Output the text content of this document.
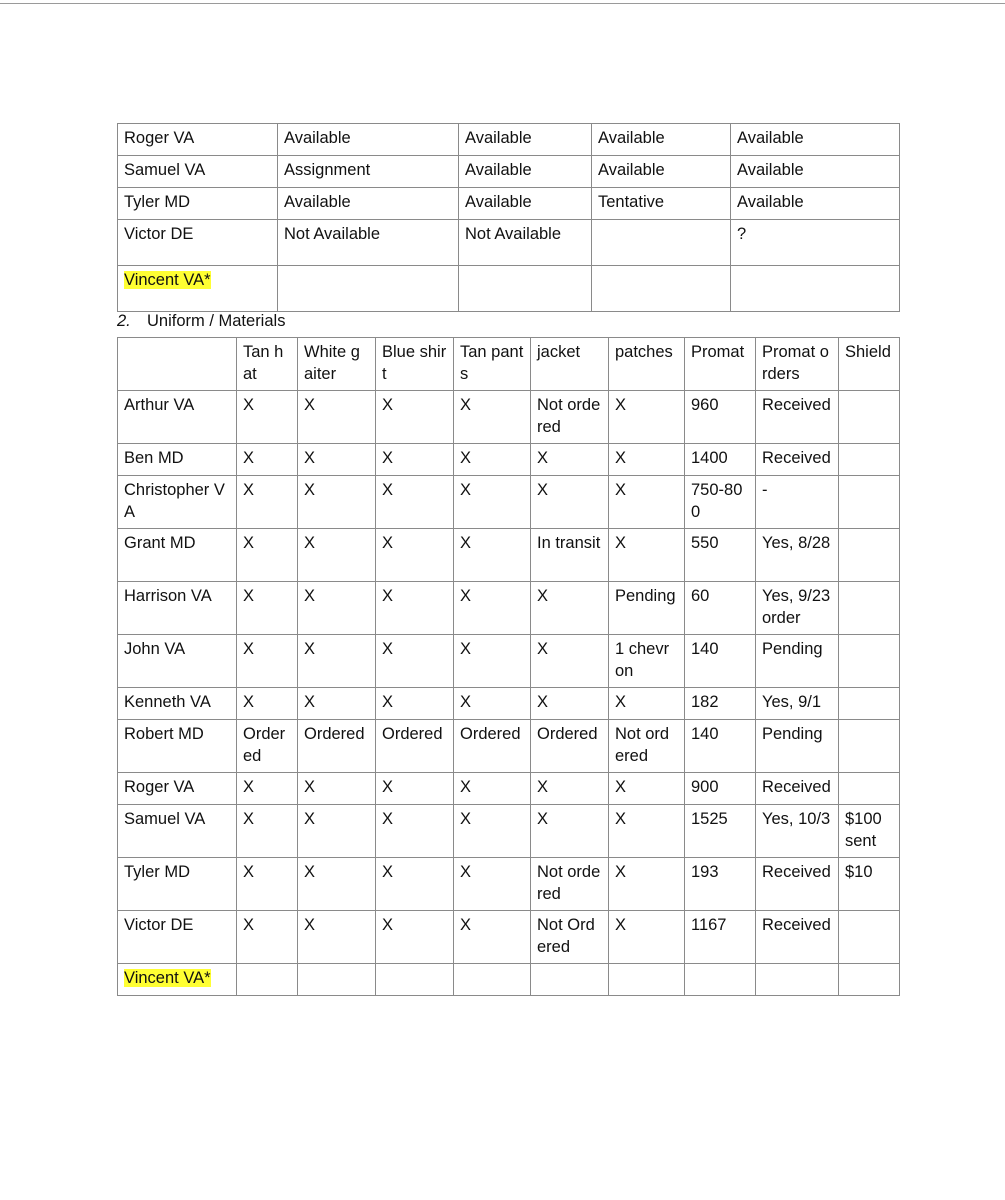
Roger VA	Available	Available	Available	Available
Samuel VA	Assignment	Available	Available	Available
Tyler MD	Available	Available	Tentative	Available
Victor DE	Not Available	Not Available		?
Vincent VA*				
2. Uniform / Materials
	Tan hat	White gaiter	Blue shirt	Tan pants	jacket	patches	Promat	Promat orders	Shield
Arthur VA	X	X	X	X	Not ordered	X	960	Received	
Ben MD	X	X	X	X	X	X	1400	Received	
Christopher VA	X	X	X	X	X	X	750-800	-	
Grant MD	X	X	X	X	In transit	X	550	Yes, 8/28	
Harrison VA	X	X	X	X	X	Pending	60	Yes, 9/23 order	
John VA	X	X	X	X	X	1 chevron	140	Pending	
Kenneth VA	X	X	X	X	X	X	182	Yes, 9/1	
Robert MD	Ordered	Ordered	Ordered	Ordered	Ordered	Not ordered	140	Pending	
Roger VA	X	X	X	X	X	X	900	Received	
Samuel VA	X	X	X	X	X	X	1525	Yes, 10/3	$100 sent
Tyler MD	X	X	X	X	Not ordered	X	193	Received	$10
Victor DE	X	X	X	X	Not Ordered	X	1167	Received	
Vincent VA*									
